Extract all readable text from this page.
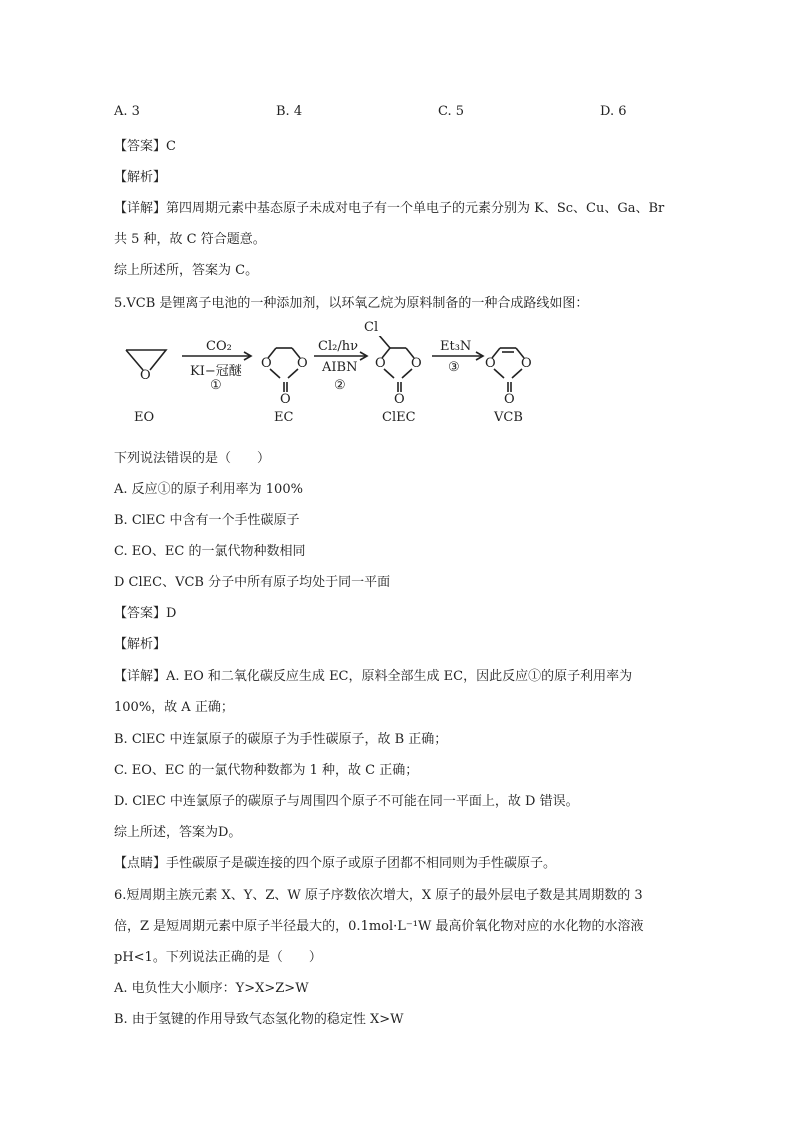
A. 3	B. 4	C. 5	D. 6
【答案】C
【解析】
【详解】第四周期元素中基态原子未成对电子有一个单电子的元素分别为 K、Sc、Cu、Ga、Br
共 5 种，故 C 符合题意。
综上所述所，答案为 C。
5.VCB 是锂离子电池的一种添加剂，以环氧乙烷为原料制备的一种合成路线如图：
O
O O
O
O O
O
Cl
O O
O
CO₂
KI−冠醚
①
Cl₂/hν
AIBN
②
Et₃N
③
EO	EC	ClEC	VCB
下列说法错误的是（　　）
A. 反应①的原子利用率为 100%
B. ClEC 中含有一个手性碳原子
C. EO、EC 的一氯代物种数相同
D ClEC、VCB 分子中所有原子均处于同一平面
【答案】D
【解析】
【详解】A. EO 和二氧化碳反应生成 EC，原料全部生成 EC，因此反应①的原子利用率为
100%，故 A 正确；
B. ClEC 中连氯原子的碳原子为手性碳原子，故 B 正确；
C. EO、EC 的一氯代物种数都为 1 种，故 C 正确；
D. ClEC 中连氯原子的碳原子与周围四个原子不可能在同一平面上，故 D 错误。
综上所述，答案为D。
【点睛】手性碳原子是碳连接的四个原子或原子团都不相同则为手性碳原子。
6.短周期主族元素 X、Y、Z、W 原子序数依次增大，X 原子的最外层电子数是其周期数的 3
倍，Z 是短周期元素中原子半径最大的，0.1mol·L⁻¹W 最高价氧化物对应的水化物的水溶液
pH<1。下列说法正确的是（　　）
A. 电负性大小顺序：Y>X>Z>W
B. 由于氢键的作用导致气态氢化物的稳定性 X>W
